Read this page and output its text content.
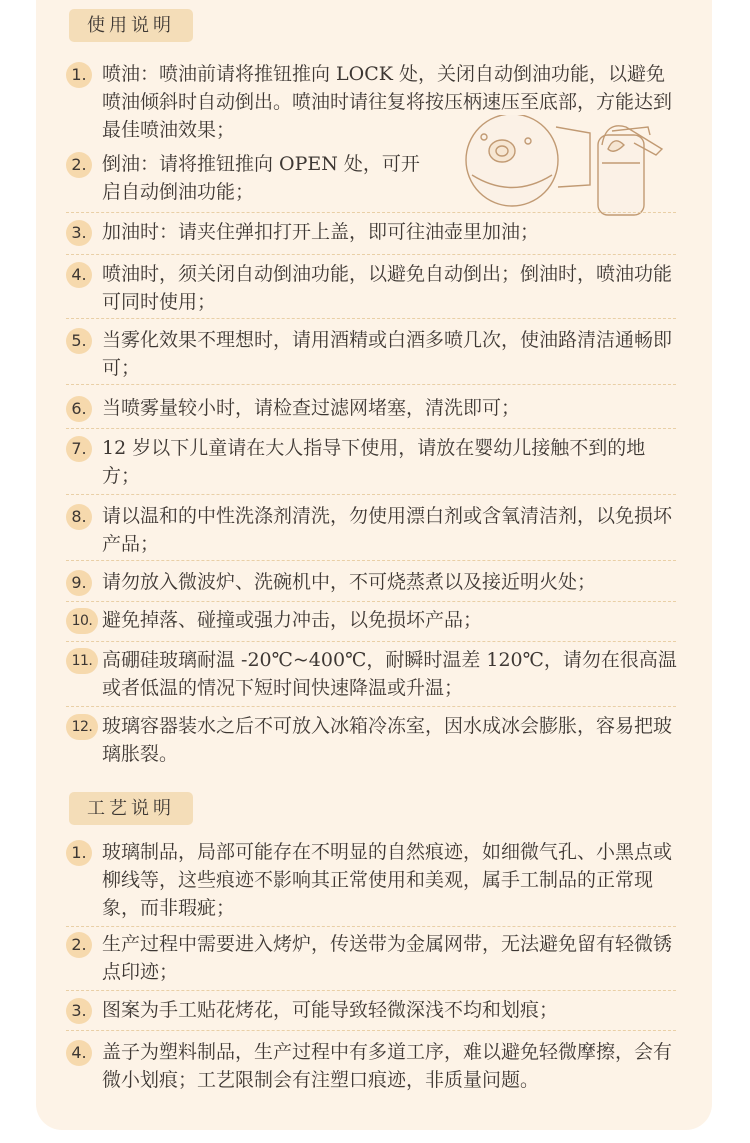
使用说明
1. 喷油：喷油前请将推钮推向 LOCK 处，关闭自动倒油功能，以避免喷油倾斜时自动倒出。喷油时请往复将按压柄速压至底部，方能达到最佳喷油效果；
2. 倒油：请将推钮推向 OPEN 处，可开启自动倒油功能；
3. 加油时：请夹住弹扣打开上盖，即可往油壶里加油；
4. 喷油时，须关闭自动倒油功能，以避免自动倒出；倒油时，喷油功能可同时使用；
5. 当雾化效果不理想时，请用酒精或白酒多喷几次，使油路清洁通畅即可；
6. 当喷雾量较小时，请检查过滤网堵塞，清洗即可；
7. 12 岁以下儿童请在大人指导下使用，请放在婴幼儿接触不到的地方；
8. 请以温和的中性洗涤剂清洗，勿使用漂白剂或含氧清洁剂，以免损坏产品；
9. 请勿放入微波炉、洗碗机中，不可烧蒸煮以及接近明火处；
10. 避免掉落、碰撞或强力冲击，以免损坏产品；
11. 高硼硅玻璃耐温 -20℃~400℃，耐瞬时温差 120℃，请勿在很高温或者低温的情况下短时间快速降温或升温；
12. 玻璃容器装水之后不可放入冰箱冷冻室，因水成冰会膨胀，容易把玻璃胀裂。
工艺说明
1. 玻璃制品，局部可能存在不明显的自然痕迹，如细微气孔、小黑点或柳线等，这些痕迹不影响其正常使用和美观，属手工制品的正常现象，而非瑕疵；
2. 生产过程中需要进入烤炉，传送带为金属网带，无法避免留有轻微锈点印迹；
3. 图案为手工贴花烤花，可能导致轻微深浅不均和划痕；
4. 盖子为塑料制品，生产过程中有多道工序，难以避免轻微摩擦，会有微小划痕；工艺限制会有注塑口痕迹，非质量问题。
